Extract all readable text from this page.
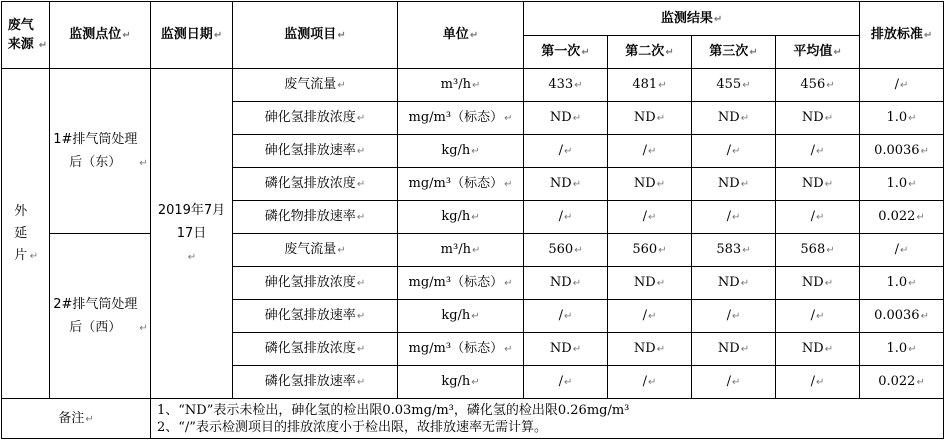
废气来源 ↵	监测点位↵	监测日期↵	监测项目↵	单位↵	监测结果↵				排放标准↵
					第一次↵	第二次↵	第三次↵	平均值↵	
外延片 ↵	1#排气筒处理后（东） ↵	2019年7月17日↵	废气流量↵	m³/h↵	433↵	481↵	455↵	456↵	/↵
			砷化氢排放浓度↵	mg/m³（标态）↵	ND↵	ND↵	ND↵	ND↵	1.0↵
			砷化氢排放速率↵	kg/h↵	/↵	/↵	/↵	/↵	0.0036↵
			磷化氢排放浓度↵	mg/m³（标态）↵	ND↵	ND↵	ND↵	ND↵	1.0↵
			磷化物排放速率↵	kg/h↵	/↵	/↵	/↵	/↵	0.022↵
	2#排气筒处理后（西） ↵		废气流量↵	m³/h↵	560↵	560↵	583↵	568↵	/↵
			砷化氢排放浓度↵	mg/m³（标态）↵	ND↵	ND↵	ND↵	ND↵	1.0↵
			砷化氢排放速率↵	kg/h↵	/↵	/↵	/↵	/↵	0.0036↵
			磷化氢排放浓度↵	mg/m³（标态）↵	ND↵	ND↵	ND↵	ND↵	1.0↵
			磷化氢排放速率↵	kg/h↵	/↵	/↵	/↵	/↵	0.022↵
备注↵		1、“ND”表示未检出，砷化氢的检出限0.03mg/m³，磷化氢的检出限0.26mg/m³
2、“/”表示检测项目的排放浓度小于检出限，故排放速率无需计算。							
